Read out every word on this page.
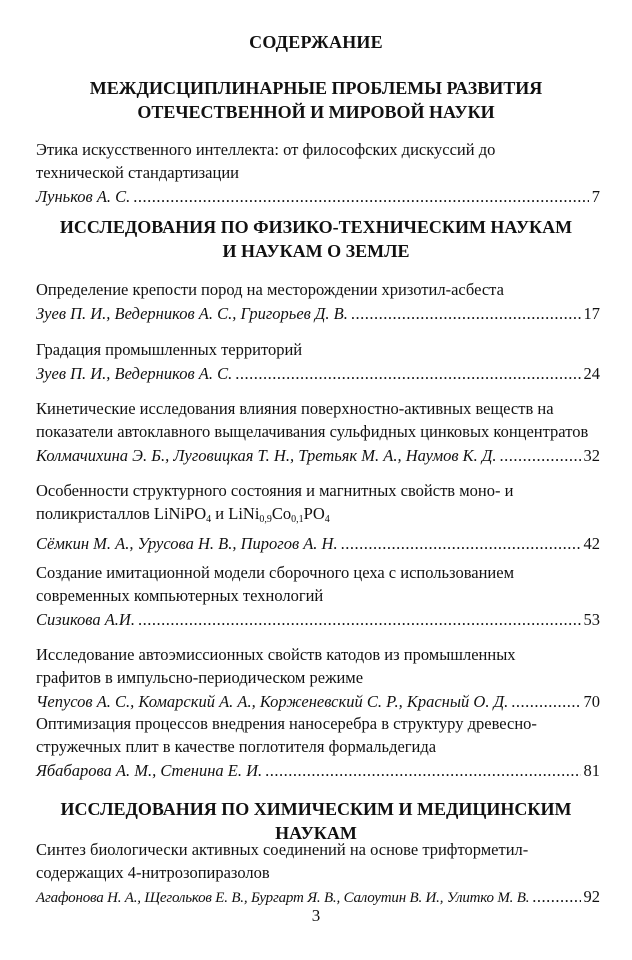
СОДЕРЖАНИЕ
МЕЖДИСЦИПЛИНАРНЫЕ ПРОБЛЕМЫ РАЗВИТИЯ
ОТЕЧЕСТВЕННОЙ И МИРОВОЙ НАУКИ
Этика искусственного интеллекта: от философских дискуссий до
технической стандартизации
Луньков А. С. .....	7
ИССЛЕДОВАНИЯ ПО ФИЗИКО-ТЕХНИЧЕСКИМ НАУКАМ
И НАУКАМ О ЗЕМЛЕ
Определение крепости пород на месторождении хризотил-асбеста
Зуев П. И., Ведерников А. С., Григорьев Д. В. .....	17
Градация промышленных территорий
Зуев П. И., Ведерников А. С. .....	24
Кинетические исследования влияния поверхностно-активных веществ на
показатели автоклавного выщелачивания сульфидных цинковых концентратов
Колмачихина Э. Б., Луговицкая Т. Н., Третьяк М. А., Наумов К. Д. .....	32
Особенности структурного состояния и магнитных свойств моно- и
поликристаллов LiNiPO$_4$ и $LiNi_{0,9}Co_{0,1}PO_4$
Сёмкин М. А., Урусова Н. В., Пирогов А. Н. .....	42
Создание имитационной модели сборочного цеха с использованием
современных компьютерных технологий
Сизикова А.И. .....	53
Исследование автоэмиссионных свойств катодов из промышленных
графитов в импульсно-периодическом режиме
Чепусов А. С., Комарский А. А., Корженевский С. Р., Красный О. Д. .....	70
Оптимизация процессов внедрения наносеребра в структуру древесно-
стружечных плит в качестве поглотителя формальдегида
Ябабарова А. М., Стенина Е. И. .....	81
ИССЛЕДОВАНИЯ ПО ХИМИЧЕСКИМ И МЕДИЦИНСКИМ НАУКАМ
Синтез биологически активных соединений на основе трифторметил-
содержащих 4-нитрозопиразолов
Агафонова Н. А., Щегольков Е. В., Бургарт Я. В., Салоутин В. И., Улитко М. В. .....	92
3
